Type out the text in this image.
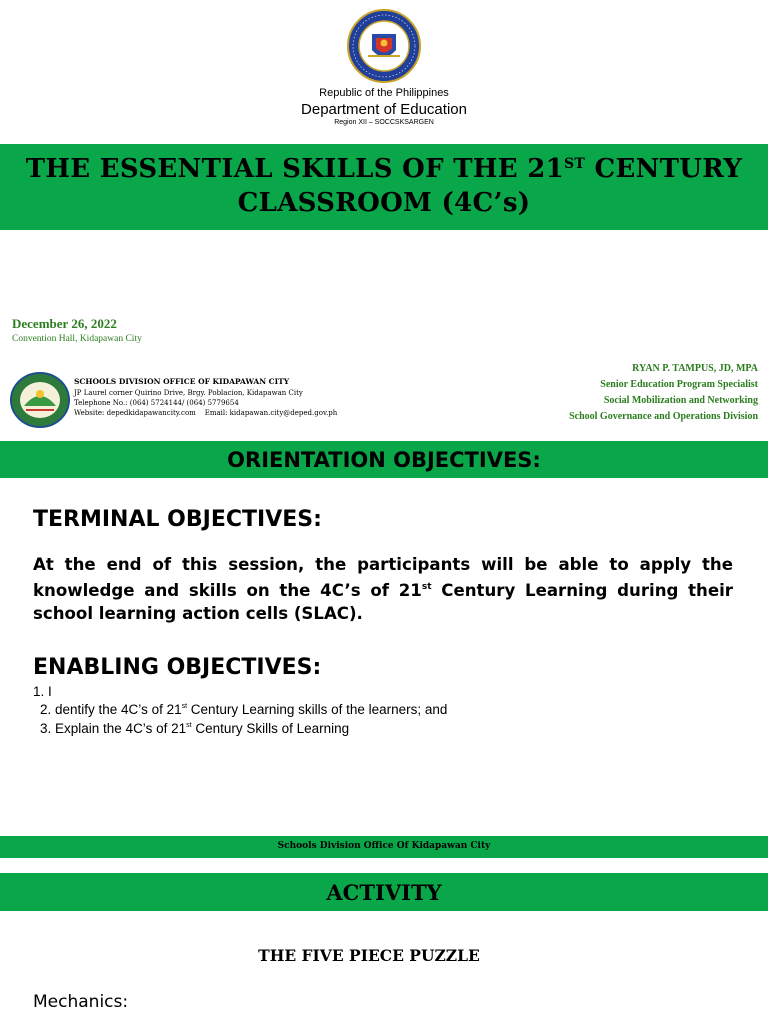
Republic of the Philippines
Department of Education
Region XII – SOCCSKSARGEN
THE ESSENTIAL SKILLS OF THE 21ST CENTURY
CLASSROOM (4C’s)
December 26, 2022
Convention Hall, Kidapawan City
SCHOOLS DIVISION OFFICE OF KIDAPAWAN CITY
JP Laurel corner Quirino Drive, Brgy. Poblacion, Kidapawan City
Telephone No.: (064) 5724144/ (064) 5779654
Website: depedkidapawancity.com    Email: kidapawan.city@deped.gov.ph
RYAN P. TAMPUS, JD, MPA
Senior Education Program Specialist
Social Mobilization and Networking
School Governance and Operations Division
ORIENTATION OBJECTIVES:
TERMINAL OBJECTIVES:
At the end of this session, the participants will be able to apply the knowledge and skills on the 4C’s of 21st Century Learning during their school learning action cells (SLAC).
ENABLING OBJECTIVES:
1. I
2. dentify the 4C’s of 21st Century Learning skills of the learners; and
3. Explain the 4C’s of 21st Century Skills of Learning
Schools Division Office Of Kidapawan City
ACTIVITY
THE FIVE PIECE PUZZLE
Mechanics:
